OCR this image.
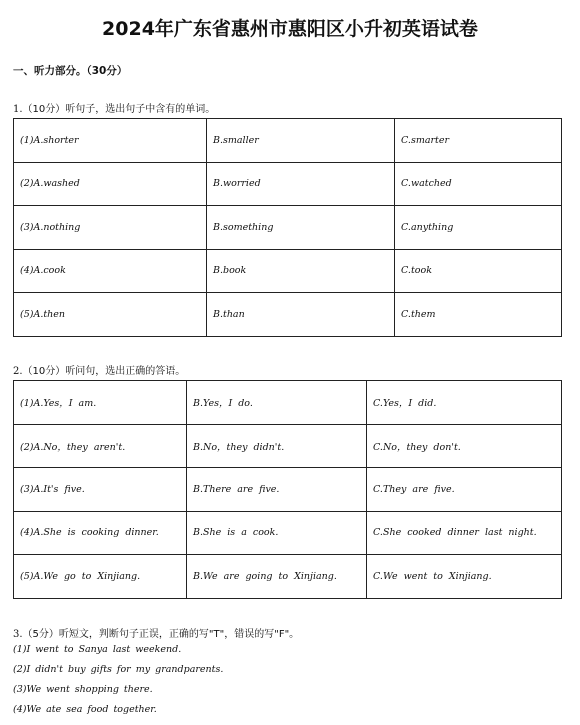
2024年广东省惠州市惠阳区小升初英语试卷
一、听力部分。（30分）
1.（10分）听句子，选出句子中含有的单词。
(1)A.shorter	B.smaller	C.smarter
(2)A.washed	B.worried	C.watched
(3)A.nothing	B.something	C.anything
(4)A.cook	B.book	C.took
(5)A.then	B.than	C.them
2.（10分）听问句，选出正确的答语。
(1)A.Yes，I am.	B.Yes，I do.	C.Yes，I did.
(2)A.No，they aren't.	B.No，they didn't.	C.No，they don't.
(3)A.It's five.	B.There are five.	C.They are five.
(4)A.She is cooking dinner.	B.She is a cook.	C.She cooked dinner last night.
(5)A.We go to Xinjiang.	B.We are going to Xinjiang.	C.We went to Xinjiang.
3.（5分）听短文，判断句子正误，正确的写"T"，错误的写"F"。
(1)I went to Sanya last weekend.
(2)I didn't buy gifts for my grandparents.
(3)We went shopping there.
(4)We ate sea food together.
